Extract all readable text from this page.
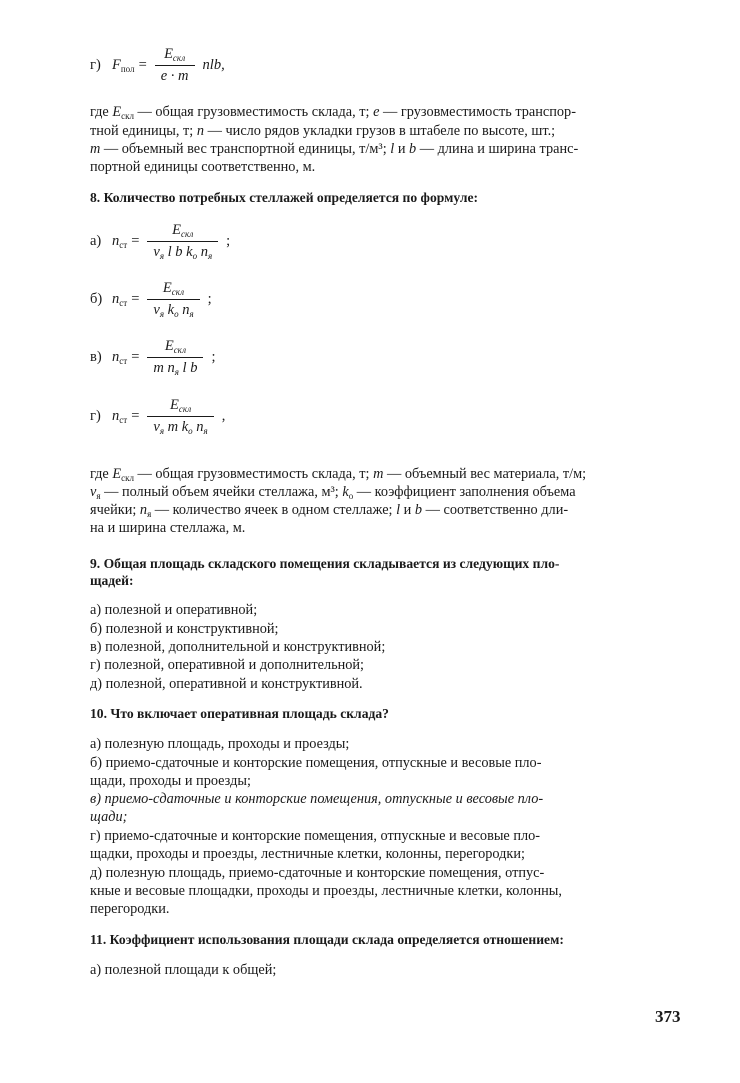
г) $F_{пол} = \frac{E_{скл}}{e \cdot m}$ nlb,
где $E_{скл}$ — общая грузовместимость склада, т; e — грузовместимость транспор-
тной единицы, т; n — число рядов укладки грузов в штабеле по высоте, шт.;
m — объемный вес транспортной единицы, т/м³; l и b — длина и ширина транс-
портной единицы соответственно, м.
8. Количество потребных стеллажей определяется по формуле:
а) $n_{ст} = \frac{E_{скл}}{v_я l b k_о n_я}$ ;
б) $n_{ст} = \frac{E_{скл}}{v_я k_о n_я}$ ;
в) $n_{ст} = \frac{E_{скл}}{m n_я l b}$ ;
г) $n_{ст} = \frac{E_{скл}}{v_я m k_о n_я}$ ,
где $E_{скл}$ — общая грузовместимость склада, т; m — объемный вес материала, т/м;
$v_я$ — полный объем ячейки стеллажа, м³; $k_о$ — коэффициент заполнения объема
ячейки; $n_я$ — количество ячеек в одном стеллаже; l и b — соответственно дли-
на и ширина стеллажа, м.
9. Общая площадь складского помещения складывается из следующих пло-
щадей:
а) полезной и оперативной;
б) полезной и конструктивной;
в) полезной, дополнительной и конструктивной;
г) полезной, оперативной и дополнительной;
д) полезной, оперативной и конструктивной.
10. Что включает оперативная площадь склада?
а) полезную площадь, проходы и проезды;
б) приемо-сдаточные и конторские помещения, отпускные и весовые пло-
щади, проходы и проезды;
в) приемо-сдаточные и конторские помещения, отпускные и весовые пло-
щади;
г) приемо-сдаточные и конторские помещения, отпускные и весовые пло-
щадки, проходы и проезды, лестничные клетки, колонны, перегородки;
д) полезную площадь, приемо-сдаточные и конторские помещения, отпус-
кные и весовые площадки, проходы и проезды, лестничные клетки, колонны,
перегородки.
11. Коэффициент использования площади склада определяется отношением:
а) полезной площади к общей;
373
